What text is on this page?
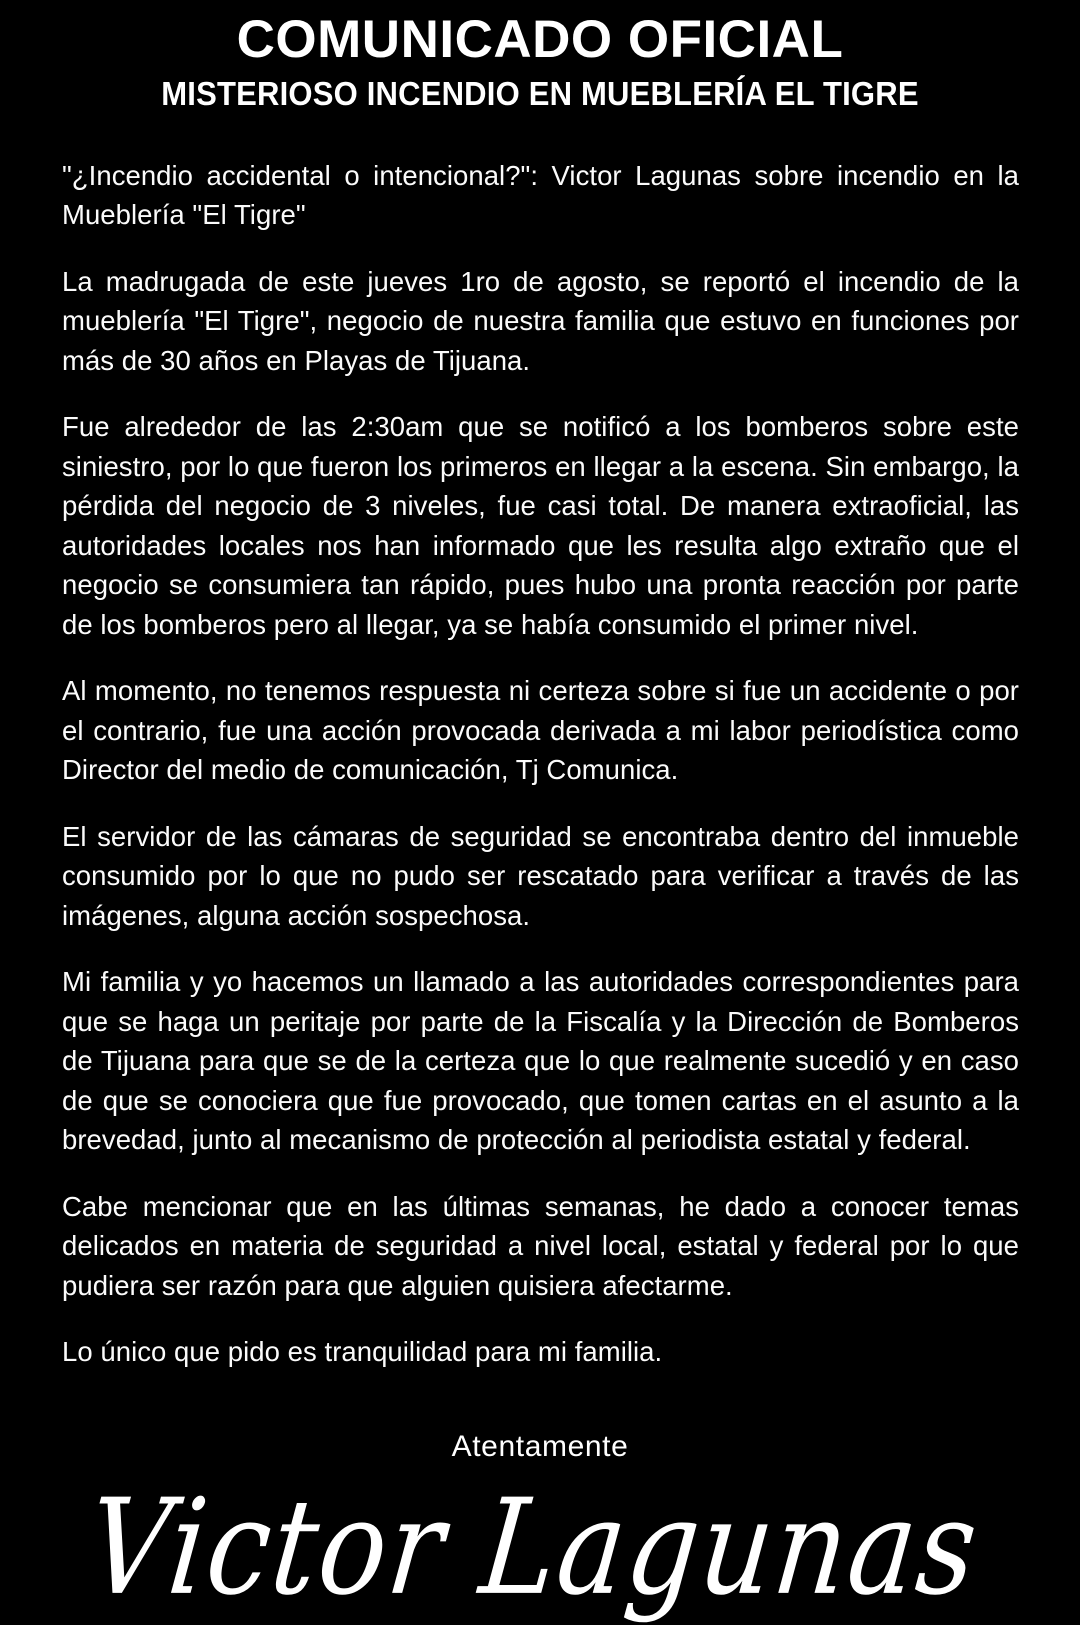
COMUNICADO OFICIAL
MISTERIOSO INCENDIO EN MUEBLERÍA EL TIGRE

"¿Incendio accidental o intencional?": Victor Lagunas sobre incendio en la Mueblería "El Tigre"

La madrugada de este jueves 1ro de agosto, se reportó el incendio de la mueblería "El Tigre", negocio de nuestra familia que estuvo en funciones por más de 30 años en Playas de Tijuana.

Fue alrededor de las 2:30am que se notificó a los bomberos sobre este siniestro, por lo que fueron los primeros en llegar a la escena. Sin embargo, la pérdida del negocio de 3 niveles, fue casi total. De manera extraoficial, las autoridades locales nos han informado que les resulta algo extraño que el negocio se consumiera tan rápido, pues hubo una pronta reacción por parte de los bomberos pero al llegar, ya se había consumido el primer nivel.

Al momento, no tenemos respuesta ni certeza sobre si fue un accidente o por el contrario, fue una acción provocada derivada a mi labor periodística como Director del medio de comunicación, Tj Comunica.

El servidor de las cámaras de seguridad se encontraba dentro del inmueble consumido por lo que no pudo ser rescatado para verificar a través de las imágenes, alguna acción sospechosa.

Mi familia y yo hacemos un llamado a las autoridades correspondientes para que se haga un peritaje por parte de la Fiscalía y la Dirección de Bomberos de Tijuana para que se de la certeza que lo que realmente sucedió y en caso de que se conociera que fue provocado, que tomen cartas en el asunto a la brevedad, junto al mecanismo de protección al periodista estatal y federal.

Cabe mencionar que en las últimas semanas, he dado a conocer temas delicados en materia de seguridad a nivel local, estatal y federal por lo que pudiera ser razón para que alguien quisiera afectarme.

Lo único que pido es tranquilidad para mi familia.

Atentamente
Victor Lagunas
